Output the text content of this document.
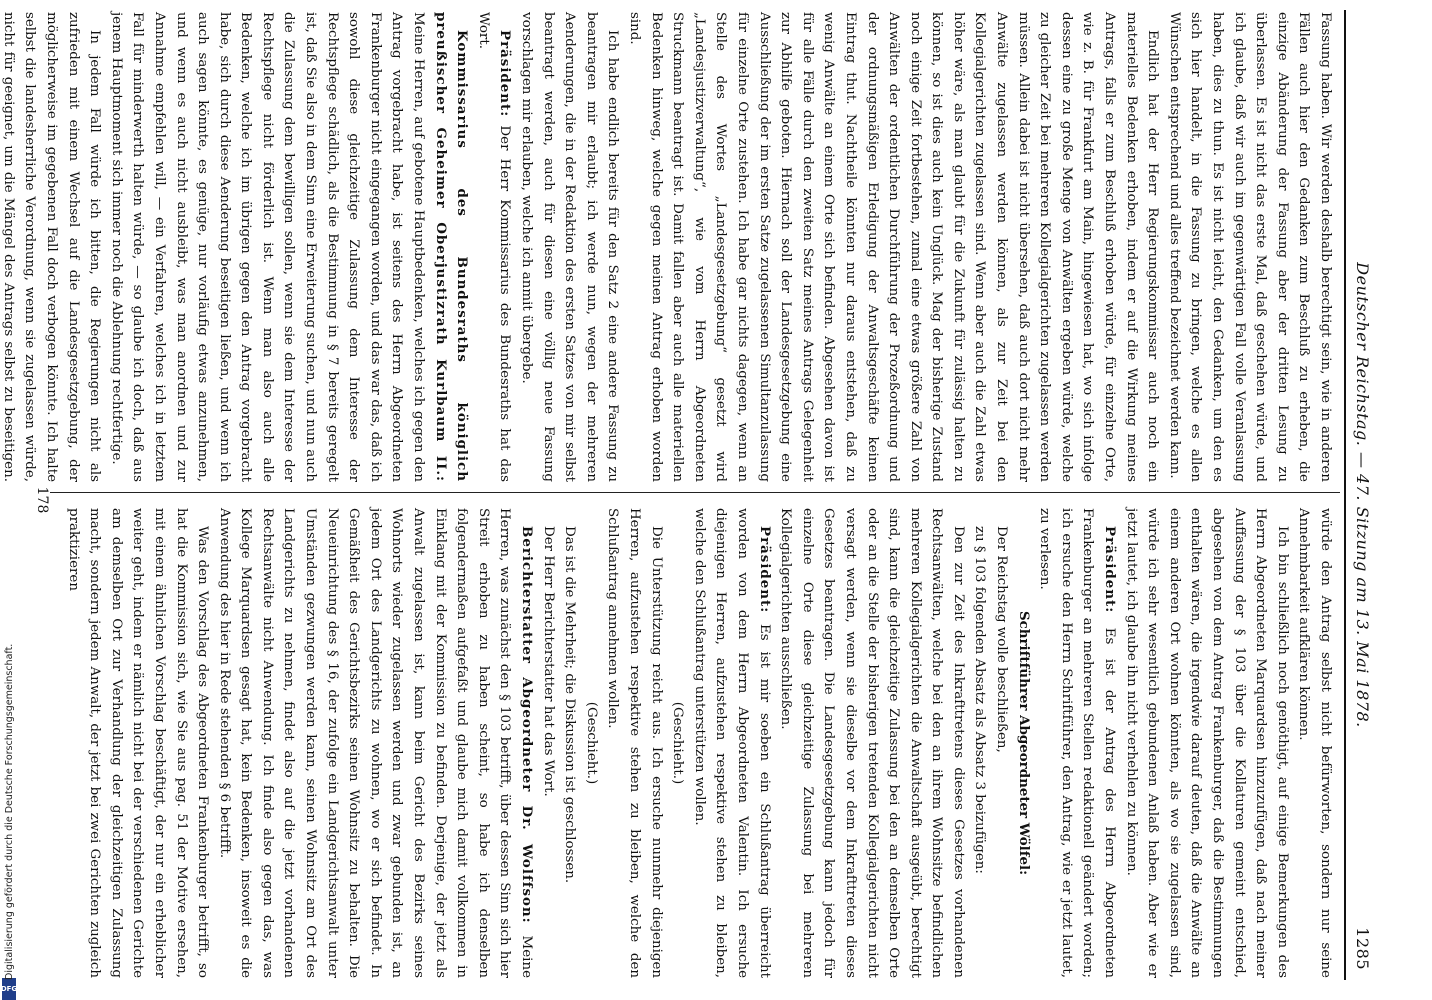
Deutscher Reichstag. — 47. Sitzung am 13. Mai 1878.
1285

Fassung haben. Wir werden deshalb berechtigt sein, wie in anderen Fällen auch hier den Gedanken zum Beschluß zu erheben, die einzige Abänderung der Fassung aber der dritten Lesung zu überlassen. Es ist nicht das erste Mal, daß geschehen würde, und ich glaube, daß wir auch im gegenwärtigen Fall volle Veranlassung haben, dies zu thun. Es ist nicht leicht, den Gedanken, um den es sich hier handelt, in die Fassung zu bringen, welche es allen Wünschen entsprechend und alles treffend bezeichnet werden kann.

Endlich hat der Herr Regierungskommissar auch noch ein materielles Bedenken erhoben, indem er auf die Wirkung meines Antrags, falls er zum Beschluß erhoben würde, für einzelne Orte, wie z. B. für Frankfurt am Main, hingewiesen hat, wo sich infolge dessen eine zu große Menge von Anwälten ergeben würde, welche zu gleicher Zeit bei mehreren Kollegialgerichten zugelassen werden müssen. Allein dabei ist nicht übersehen, daß auch dort nicht mehr Anwälte zugelassen werden können, als zur Zeit bei den Kollegialgerichten zugelassen sind. Wenn aber auch die Zahl etwas höher wäre, als man glaubt für die Zukunft für zulässig halten zu können, so ist dies auch kein Unglück. Mag der bisherige Zustand noch einige Zeit fortbestehen, zumal eine etwas größere Zahl von Anwälten der ordentlichen Durchführung der Prozeßordnung und der ordnungsmäßigen Erledigung der Anwaltsgeschäfte keinen Eintrag thut. Nachtheile könnten nur daraus entstehen, daß zu wenig Anwälte an einem Orte sich befinden. Abgesehen davon ist für alle Fälle durch den zweiten Satz meines Antrags Gelegenheit zur Abhilfe geboten. Hiernach soll der Landesgesetzgebung eine Ausschließung der im ersten Satze zugelassenen Simultanzulassung für einzelne Orte zustehen. Ich habe gar nichts dagegen, wenn an Stelle des Wortes „Landesgesetzgebung“ gesetzt wird „Landesjustizverwaltung“, wie vom Herrn Abgeordneten Struckmann beantragt ist. Damit fallen aber auch alle materiellen Bedenken hinweg, welche gegen meinen Antrag erhoben worden sind.

Ich habe endlich bereits für den Satz 2 eine andere Fassung zu beantragen mir erlaubt; ich werde nun, wegen der mehreren Aenderungen, die in der Redaktion des ersten Satzes von mir selbst beantragt werden, auch für diesen eine völlig neue Fassung vorschlagen mir erlauben, welche ich anmit übergebe.

Präsident: Der Herr Kommissarius des Bundesraths hat das Wort.

Kommissarius des Bundesraths königlich preußischer Geheimer Oberjustizrath Kurlbaum II.: Meine Herren, auf gebotene Hauptbedenken, welches ich gegen den Antrag vorgebracht habe, ist seitens des Herrn Abgeordneten Frankenburger nicht eingegangen worden, und das war das, daß ich sowohl diese gleichzeitige Zulassung dem Interesse der Rechtspflege schädlich, als die Bestimmung in § 7 bereits geregelt ist, daß Sie also in dem Sinn eine Erweiterung suchen, und nun auch die Zulassung dem bewilligen sollen, wenn sie dem Interesse der Rechtspflege nicht förderlich ist. Wenn man also auch alle Bedenken, welche ich im übrigen gegen den Antrag vorgebracht habe, sich durch diese Aenderung beseitigen ließen, und wenn ich auch sagen könnte, es genüge, nur vorläufig etwas anzunehmen, und wenn es auch nicht ausbleibt, was man anordnen und zur Annahme empfehlen will, — ein Verfahren, welches ich in letztem Fall für minderwerth halten würde, — so glaube ich doch, daß aus jenem Hauptmoment sich immer noch die Ablehnung rechtfertige.

In jedem Fall würde ich bitten, die Regierungen nicht als zufrieden mit einem Wechsel auf die Landesgesetzgebung, der möglicherweise im gegebenen Fall doch verbogen könnte. Ich halte selbst die landesherrliche Verordnung, wenn sie zugelassen würde, nicht für geeignet, um die Mängel des Antrags selbst zu beseitigen.

würde den Antrag selbst nicht befürworten, sondern nur seine Annehmbarkeit aufklären können.

Ich bin schließlich noch genöthigt, auf einige Bemerkungen des Herrn Abgeordneten Marquardsen hinzuzufügen, daß nach meiner Auffassung der § 103 über die Kollaturen gemeint entschied, abgesehen von dem Antrag Frankenburger, daß die Bestimmungen enthalten wären, die irgendwie darauf deuten, daß die Anwälte an einem anderen Ort wohnen könnten, als wo sie zugelassen sind, würde ich sehr wesentlich gebundenen Anlaß haben. Aber wie er jetzt lautet, ich glaube ihn nicht verhehlen zu können.

Präsident: Es ist der Antrag des Herrn Abgeordneten Frankenburger an mehreren Stellen redaktionell geändert worden; ich ersuche den Herrn Schriftführer, den Antrag, wie er jetzt lautet, zu verlesen.

Schriftführer Abgeordneter Wölfel:

Der Reichstag wolle beschließen,

zu § 103 folgenden Absatz als Absatz 3 beizufügen:

Den zur Zeit des Inkrafttretens dieses Gesetzes vorhandenen Rechtsanwälten, welche bei den an ihrem Wohnsitze befindlichen mehreren Kollegialgerichten die Anwaltschaft ausgeübt, berechtigt sind, kann die gleichzeitige Zulassung bei den an demselben Orte oder an die Stelle der bisherigen tretenden Kollegialgerichten nicht versagt werden, wenn sie dieselbe vor dem Inkrafttreten dieses Gesetzes beantragen. Die Landesgesetzgebung kann jedoch für einzelne Orte diese gleichzeitige Zulassung bei mehreren Kollegialgerichten ausschließen.

Präsident: Es ist mir soeben ein Schlußantrag überreicht worden von dem Herrn Abgeordneten Valentin. Ich ersuche diejenigen Herren, aufzustehen respektive stehen zu bleiben, welche den Schlußantrag unterstützen wollen.

(Geschieht.)

Die Unterstützung reicht aus. Ich ersuche nunmehr diejenigen Herren, aufzustehen respektive stehen zu bleiben, welche den Schlußantrag annehmen wollen.

(Geschieht.)

Das ist die Mehrheit; die Diskussion ist geschlossen.

Der Herr Berichterstatter hat das Wort.

Berichterstatter Abgeordneter Dr. Wolffson: Meine Herren, was zunächst den § 103 betrifft, über dessen Sinn sich hier Streit erhoben zu haben scheint, so habe ich denselben folgendermaßen aufgefaßt und glaube mich damit vollkommen in Einklang mit der Kommission zu befinden. Derjenige, der jetzt als Anwalt zugelassen ist, kann beim Gericht des Bezirks seines Wohnorts wieder zugelassen werden und zwar gebunden ist, an jedem Ort des Landgerichts zu wohnen, wo er sich befindet. In Gemäßheit des Gerichtsbezirks seinen Wohnsitz zu behalten. Die Neueinrichtung des § 16, der zufolge ein Landgerichtsanwalt unter Umständen gezwungen werden kann, seinen Wohnsitz am Ort des Landgerichts zu nehmen, findet also auf die jetzt vorhandenen Rechtsanwälte nicht Anwendung. Ich finde also gegen das, was Kollege Marquardsen gesagt hat, kein Bedenken, insoweit es die Anwendung des hier in Rede stehenden § 6 betrifft.

Was den Vorschlag des Abgeordneten Frankenburger betrifft, so hat die Kommission sich, wie Sie aus pag. 51 der Motive ersehen, mit einem ähnlichen Vorschlag beschäftigt, der nur ein erheblicher weiter geht, indem er nämlich nicht bei der verschiedenen Gerichte am demselben Ort zur Verhandlung der gleichzeitigen Zulassung macht, sondern jedem Anwalt, der jetzt bei zwei Gerichten zugleich praktizieren

178
DFG
Digitalisierung gefördert durch die Deutsche Forschungsgemeinschaft.
